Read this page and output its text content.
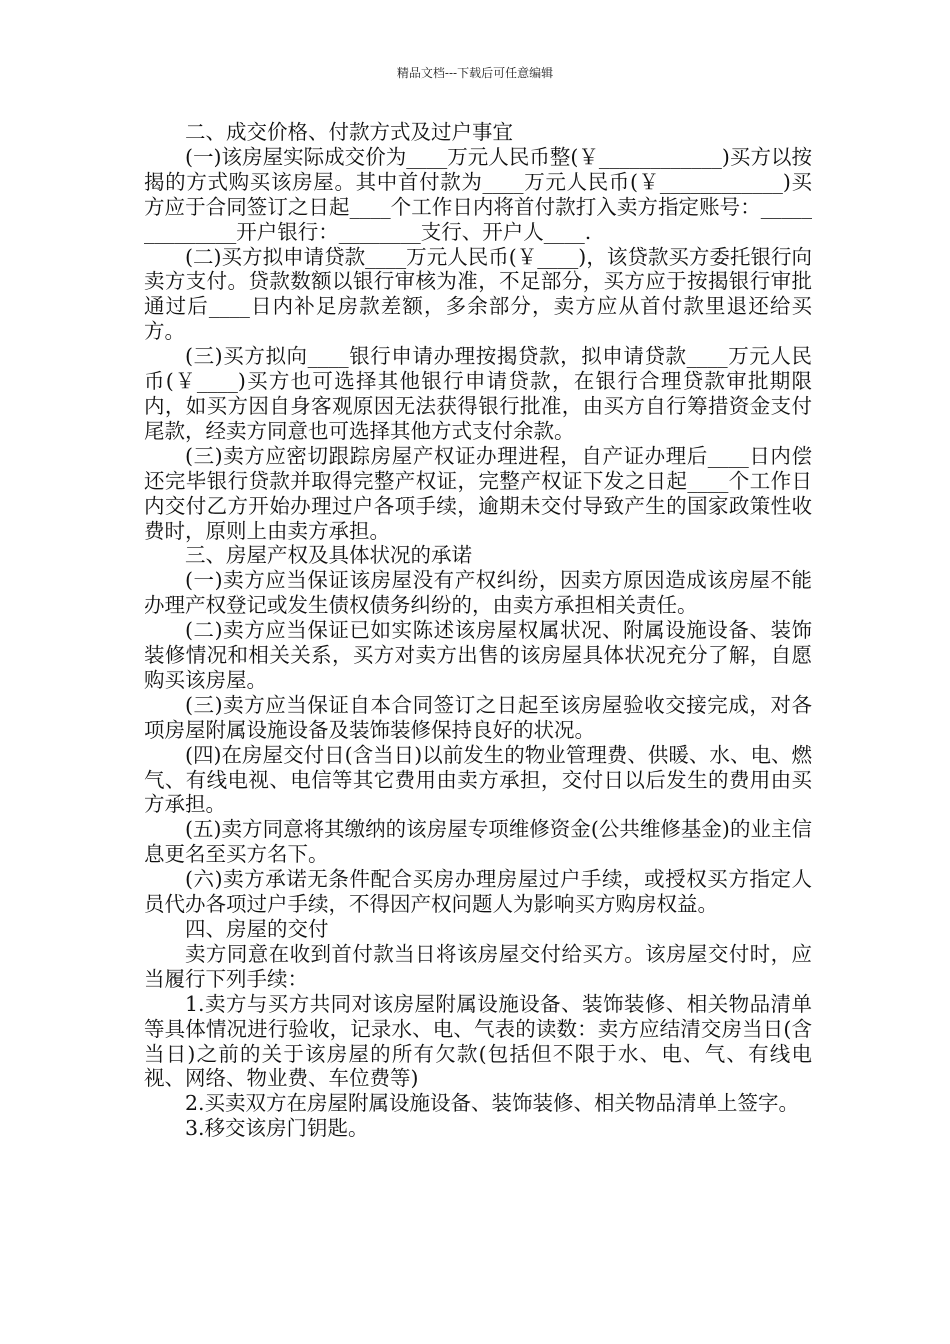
精品文档---下载后可任意编辑

二、成交价格、付款方式及过户事宜

(一)该房屋实际成交价为____万元人民币整(￥____________)买方以按揭的方式购买该房屋。其中首付款为____万元人民币(￥____________)买方应于合同签订之日起____个工作日内将首付款打入卖方指定账号：______________开户银行：________支行、开户人____.

(二)买方拟申请贷款____万元人民币(￥____)，该贷款买方委托银行向卖方支付。贷款数额以银行审核为准，不足部分，买方应于按揭银行审批通过后____日内补足房款差额，多余部分，卖方应从首付款里退还给买方。

(三)买方拟向____银行申请办理按揭贷款，拟申请贷款____万元人民币(￥____)买方也可选择其他银行申请贷款，在银行合理贷款审批期限内，如买方因自身客观原因无法获得银行批准，由买方自行筹措资金支付尾款，经卖方同意也可选择其他方式支付余款。

(三)卖方应密切跟踪房屋产权证办理进程，自产证办理后____日内偿还完毕银行贷款并取得完整产权证，完整产权证下发之日起____个工作日内交付乙方开始办理过户各项手续，逾期未交付导致产生的国家政策性收费时，原则上由卖方承担。

三、房屋产权及具体状况的承诺

(一)卖方应当保证该房屋没有产权纠纷，因卖方原因造成该房屋不能办理产权登记或发生债权债务纠纷的，由卖方承担相关责任。

(二)卖方应当保证已如实陈述该房屋权属状况、附属设施设备、装饰装修情况和相关关系，买方对卖方出售的该房屋具体状况充分了解，自愿购买该房屋。

(三)卖方应当保证自本合同签订之日起至该房屋验收交接完成，对各项房屋附属设施设备及装饰装修保持良好的状况。

(四)在房屋交付日(含当日)以前发生的物业管理费、供暖、水、电、燃气、有线电视、电信等其它费用由卖方承担，交付日以后发生的费用由买方承担。

(五)卖方同意将其缴纳的该房屋专项维修资金(公共维修基金)的业主信息更名至买方名下。

(六)卖方承诺无条件配合买房办理房屋过户手续，或授权买方指定人员代办各项过户手续，不得因产权问题人为影响买方购房权益。

四、房屋的交付

卖方同意在收到首付款当日将该房屋交付给买方。该房屋交付时，应当履行下列手续：

1.卖方与买方共同对该房屋附属设施设备、装饰装修、相关物品清单等具体情况进行验收，记录水、电、气表的读数：卖方应结清交房当日(含当日)之前的关于该房屋的所有欠款(包括但不限于水、电、气、有线电视、网络、物业费、车位费等)

2.买卖双方在房屋附属设施设备、装饰装修、相关物品清单上签字。

3.移交该房门钥匙。
